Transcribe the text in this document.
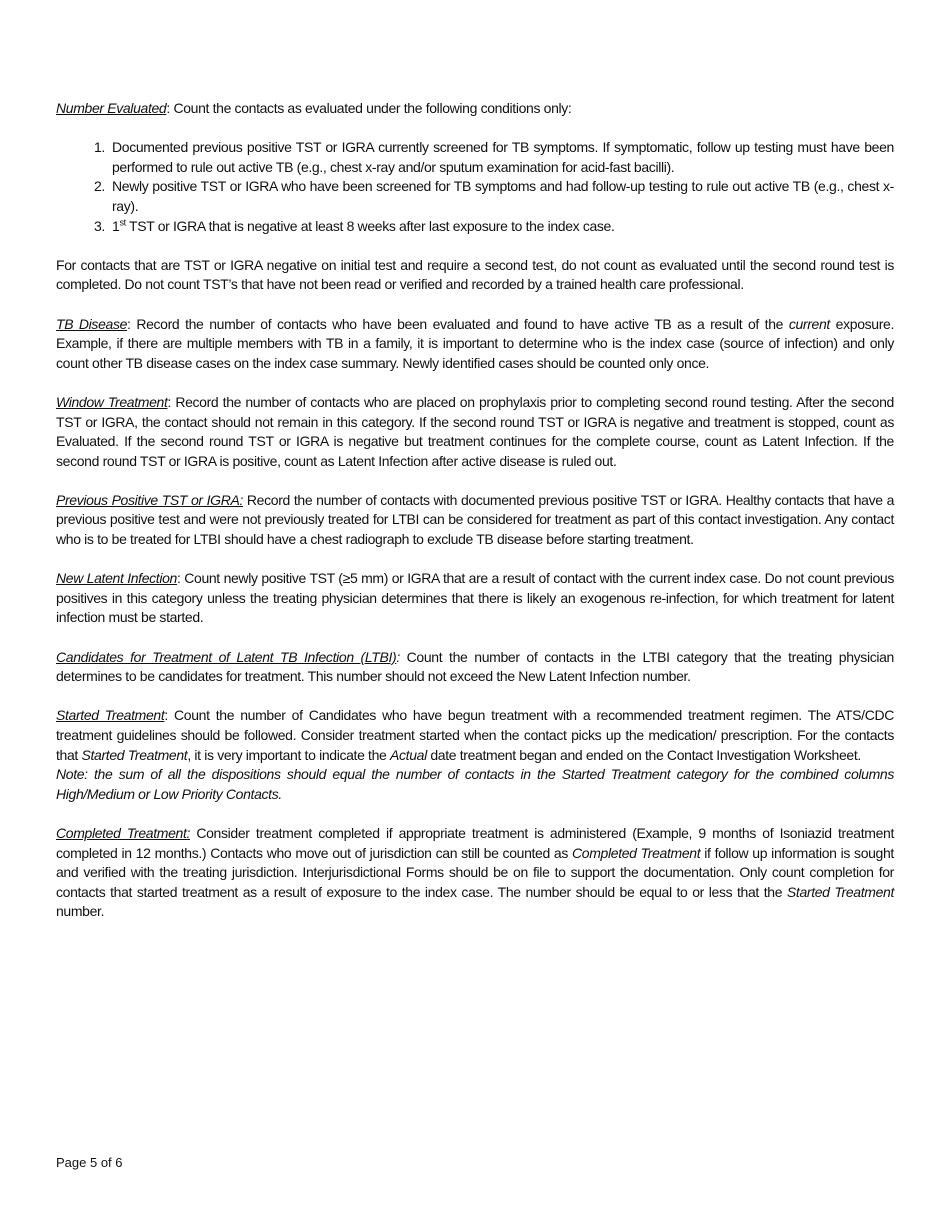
Number Evaluated: Count the contacts as evaluated under the following conditions only:

1. Documented previous positive TST or IGRA currently screened for TB symptoms. If symptomatic, follow up testing must have been performed to rule out active TB (e.g., chest x-ray and/or sputum examination for acid-fast bacilli).
2. Newly positive TST or IGRA who have been screened for TB symptoms and had follow-up testing to rule out active TB (e.g., chest x-ray).
3. 1st TST or IGRA that is negative at least 8 weeks after last exposure to the index case.

For contacts that are TST or IGRA negative on initial test and require a second test, do not count as evaluated until the second round test is completed. Do not count TST’s that have not been read or verified and recorded by a trained health care professional.

TB Disease: Record the number of contacts who have been evaluated and found to have active TB as a result of the current exposure. Example, if there are multiple members with TB in a family, it is important to determine who is the index case (source of infection) and only count other TB disease cases on the index case summary. Newly identified cases should be counted only once.

Window Treatment: Record the number of contacts who are placed on prophylaxis prior to completing second round testing. After the second TST or IGRA, the contact should not remain in this category. If the second round TST or IGRA is negative and treatment is stopped, count as Evaluated. If the second round TST or IGRA is negative but treatment continues for the complete course, count as Latent Infection. If the second round TST or IGRA is positive, count as Latent Infection after active disease is ruled out.

Previous Positive TST or IGRA: Record the number of contacts with documented previous positive TST or IGRA. Healthy contacts that have a previous positive test and were not previously treated for LTBI can be considered for treatment as part of this contact investigation. Any contact who is to be treated for LTBI should have a chest radiograph to exclude TB disease before starting treatment.

New Latent Infection: Count newly positive TST (≥5 mm) or IGRA that are a result of contact with the current index case. Do not count previous positives in this category unless the treating physician determines that there is likely an exogenous re-infection, for which treatment for latent infection must be started.

Candidates for Treatment of Latent TB Infection (LTBI): Count the number of contacts in the LTBI category that the treating physician determines to be candidates for treatment. This number should not exceed the New Latent Infection number.

Started Treatment: Count the number of Candidates who have begun treatment with a recommended treatment regimen. The ATS/CDC treatment guidelines should be followed. Consider treatment started when the contact picks up the medication/ prescription. For the contacts that Started Treatment, it is very important to indicate the Actual date treatment began and ended on the Contact Investigation Worksheet.
Note: the sum of all the dispositions should equal the number of contacts in the Started Treatment category for the combined columns High/Medium or Low Priority Contacts.

Completed Treatment: Consider treatment completed if appropriate treatment is administered (Example, 9 months of Isoniazid treatment completed in 12 months.) Contacts who move out of jurisdiction can still be counted as Completed Treatment if follow up information is sought and verified with the treating jurisdiction. Interjurisdictional Forms should be on file to support the documentation. Only count completion for contacts that started treatment as a result of exposure to the index case. The number should be equal to or less that the Started Treatment number.

Page 5 of 6
